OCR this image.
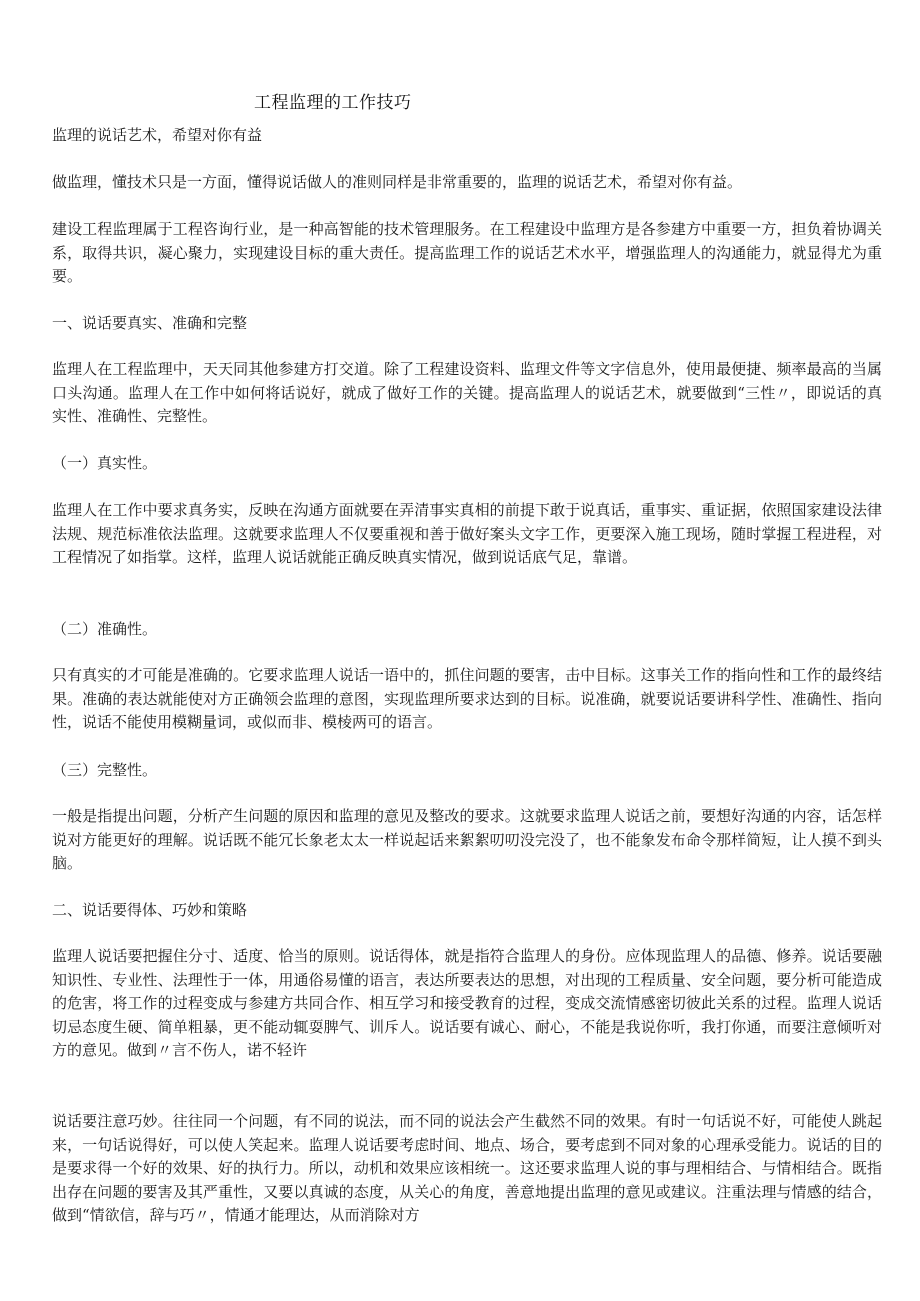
工程监理的工作技巧

监理的说话艺术，希望对你有益

做监理，懂技术只是一方面，懂得说话做人的准则同样是非常重要的，监理的说话艺术，希望对你有益。

建设工程监理属于工程咨询行业，是一种高智能的技术管理服务。在工程建设中监理方是各参建方中重要一方，担负着协调关系，取得共识，凝心聚力，实现建设目标的重大责任。提高监理工作的说话艺术水平，增强监理人的沟通能力，就显得尤为重要。

一、说话要真实、准确和完整

监理人在工程监理中，天天同其他参建方打交道。除了工程建设资料、监理文件等文字信息外，使用最便捷、频率最高的当属口头沟通。监理人在工作中如何将话说好，就成了做好工作的关键。提高监理人的说话艺术，就要做到“三性〃，即说话的真实性、准确性、完整性。

（一）真实性。

监理人在工作中要求真务实，反映在沟通方面就要在弄清事实真相的前提下敢于说真话，重事实、重证据，依照国家建设法律法规、规范标准依法监理。这就要求监理人不仅要重视和善于做好案头文字工作，更要深入施工现场，随时掌握工程进程，对工程情况了如指掌。这样，监理人说话就能正确反映真实情况，做到说话底气足，靠谱。

（二）准确性。

只有真实的才可能是准确的。它要求监理人说话一语中的，抓住问题的要害，击中目标。这事关工作的指向性和工作的最终结果。准确的表达就能使对方正确领会监理的意图，实现监理所要求达到的目标。说准确，就要说话要讲科学性、准确性、指向性，说话不能使用模糊量词，或似而非、模棱两可的语言。

（三）完整性。

一般是指提出问题，分析产生问题的原因和监理的意见及整改的要求。这就要求监理人说话之前，要想好沟通的内容，话怎样说对方能更好的理解。说话既不能冗长象老太太一样说起话来絮絮叨叨没完没了，也不能象发布命令那样简短，让人摸不到头脑。

二、说话要得体、巧妙和策略

监理人说话要把握住分寸、适度、恰当的原则。说话得体，就是指符合监理人的身份。应体现监理人的品德、修养。说话要融知识性、专业性、法理性于一体，用通俗易懂的语言，表达所要表达的思想，对出现的工程质量、安全问题，要分析可能造成的危害，将工作的过程变成与参建方共同合作、相互学习和接受教育的过程，变成交流情感密切彼此关系的过程。监理人说话切忌态度生硬、简单粗暴，更不能动辄耍脾气、训斥人。说话要有诚心、耐心，不能是我说你听，我打你通，而要注意倾听对方的意见。做到〃言不伤人，诺不轻许

说话要注意巧妙。往往同一个问题，有不同的说法，而不同的说法会产生截然不同的效果。有时一句话说不好，可能使人跳起来，一句话说得好，可以使人笑起来。监理人说话要考虑时间、地点、场合，要考虑到不同对象的心理承受能力。说话的目的是要求得一个好的效果、好的执行力。所以，动机和效果应该相统一。这还要求监理人说的事与理相结合、与情相结合。既指出存在问题的要害及其严重性，又要以真诚的态度，从关心的角度，善意地提出监理的意见或建议。注重法理与情感的结合，做到“情欲信，辞与巧〃，情通才能理达，从而消除对方
